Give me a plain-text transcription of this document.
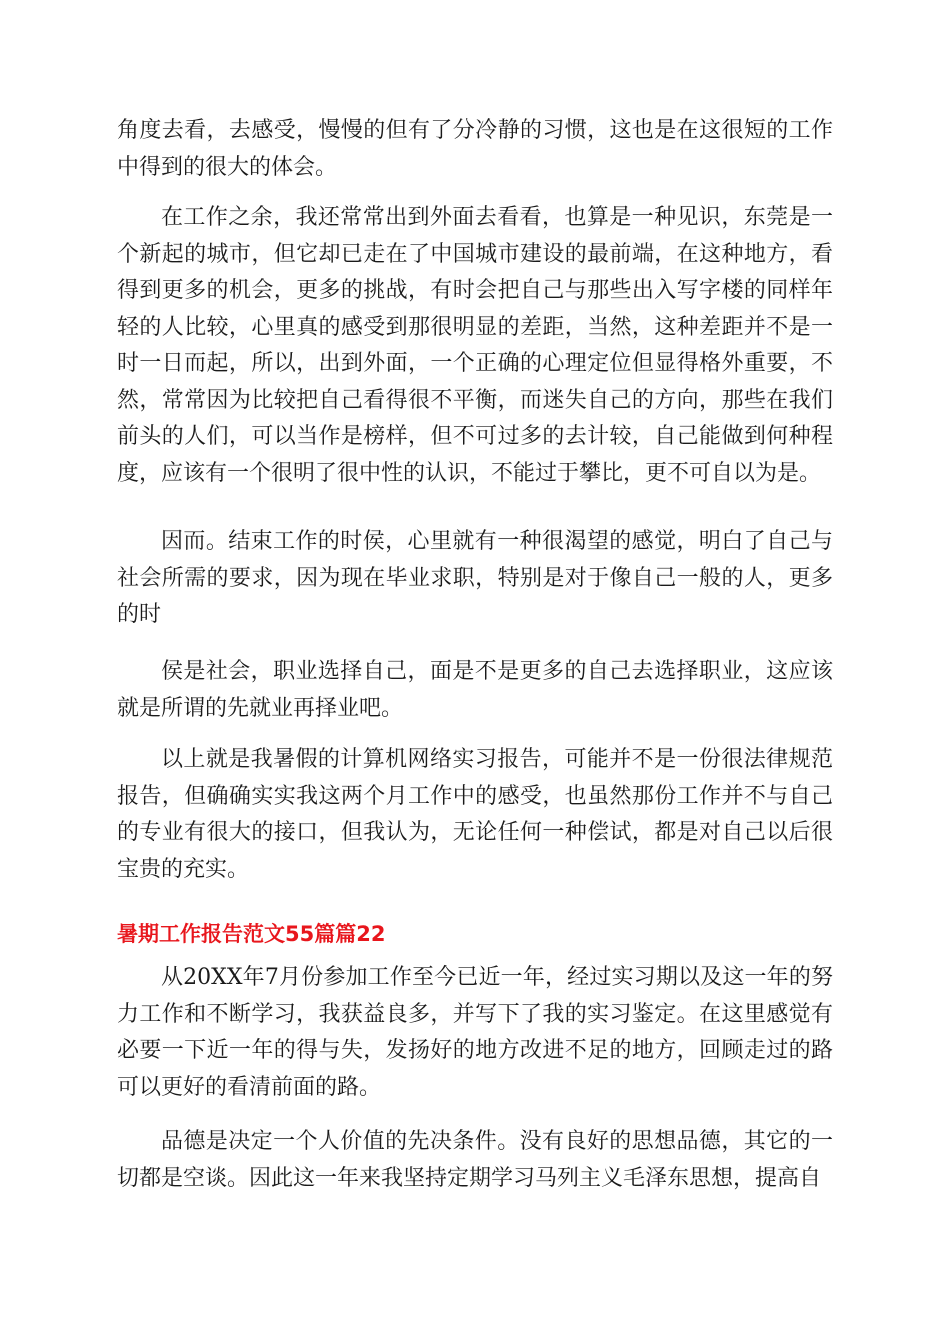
角度去看，去感受，慢慢的但有了分冷静的习惯，这也是在这很短的工作中得到的很大的体会。

在工作之余，我还常常出到外面去看看，也算是一种见识，东莞是一个新起的城市，但它却已走在了中国城市建设的最前端，在这种地方，看得到更多的机会，更多的挑战，有时会把自己与那些出入写字楼的同样年轻的人比较，心里真的感受到那很明显的差距，当然，这种差距并不是一时一日而起，所以，出到外面，一个正确的心理定位但显得格外重要，不然，常常因为比较把自己看得很不平衡，而迷失自己的方向，那些在我们前头的人们，可以当作是榜样，但不可过多的去计较，自己能做到何种程度，应该有一个很明了很中性的认识，不能过于攀比，更不可自以为是。

因而。结束工作的时侯，心里就有一种很渴望的感觉，明白了自己与社会所需的要求，因为现在毕业求职，特别是对于像自己一般的人，更多的时

侯是社会，职业选择自己，面是不是更多的自己去选择职业，这应该就是所谓的先就业再择业吧。

以上就是我暑假的计算机网络实习报告，可能并不是一份很法律规范报告，但确确实实我这两个月工作中的感受，也虽然那份工作并不与自己的专业有很大的接口，但我认为，无论任何一种偿试，都是对自己以后很宝贵的充实。

暑期工作报告范文55篇篇22

从20XX年7月份参加工作至今已近一年，经过实习期以及这一年的努力工作和不断学习，我获益良多，并写下了我的实习鉴定。在这里感觉有必要一下近一年的得与失，发扬好的地方改进不足的地方，回顾走过的路可以更好的看清前面的路。

品德是决定一个人价值的先决条件。没有良好的思想品德，其它的一切都是空谈。因此这一年来我坚持定期学习马列主义毛泽东思想，提高自
